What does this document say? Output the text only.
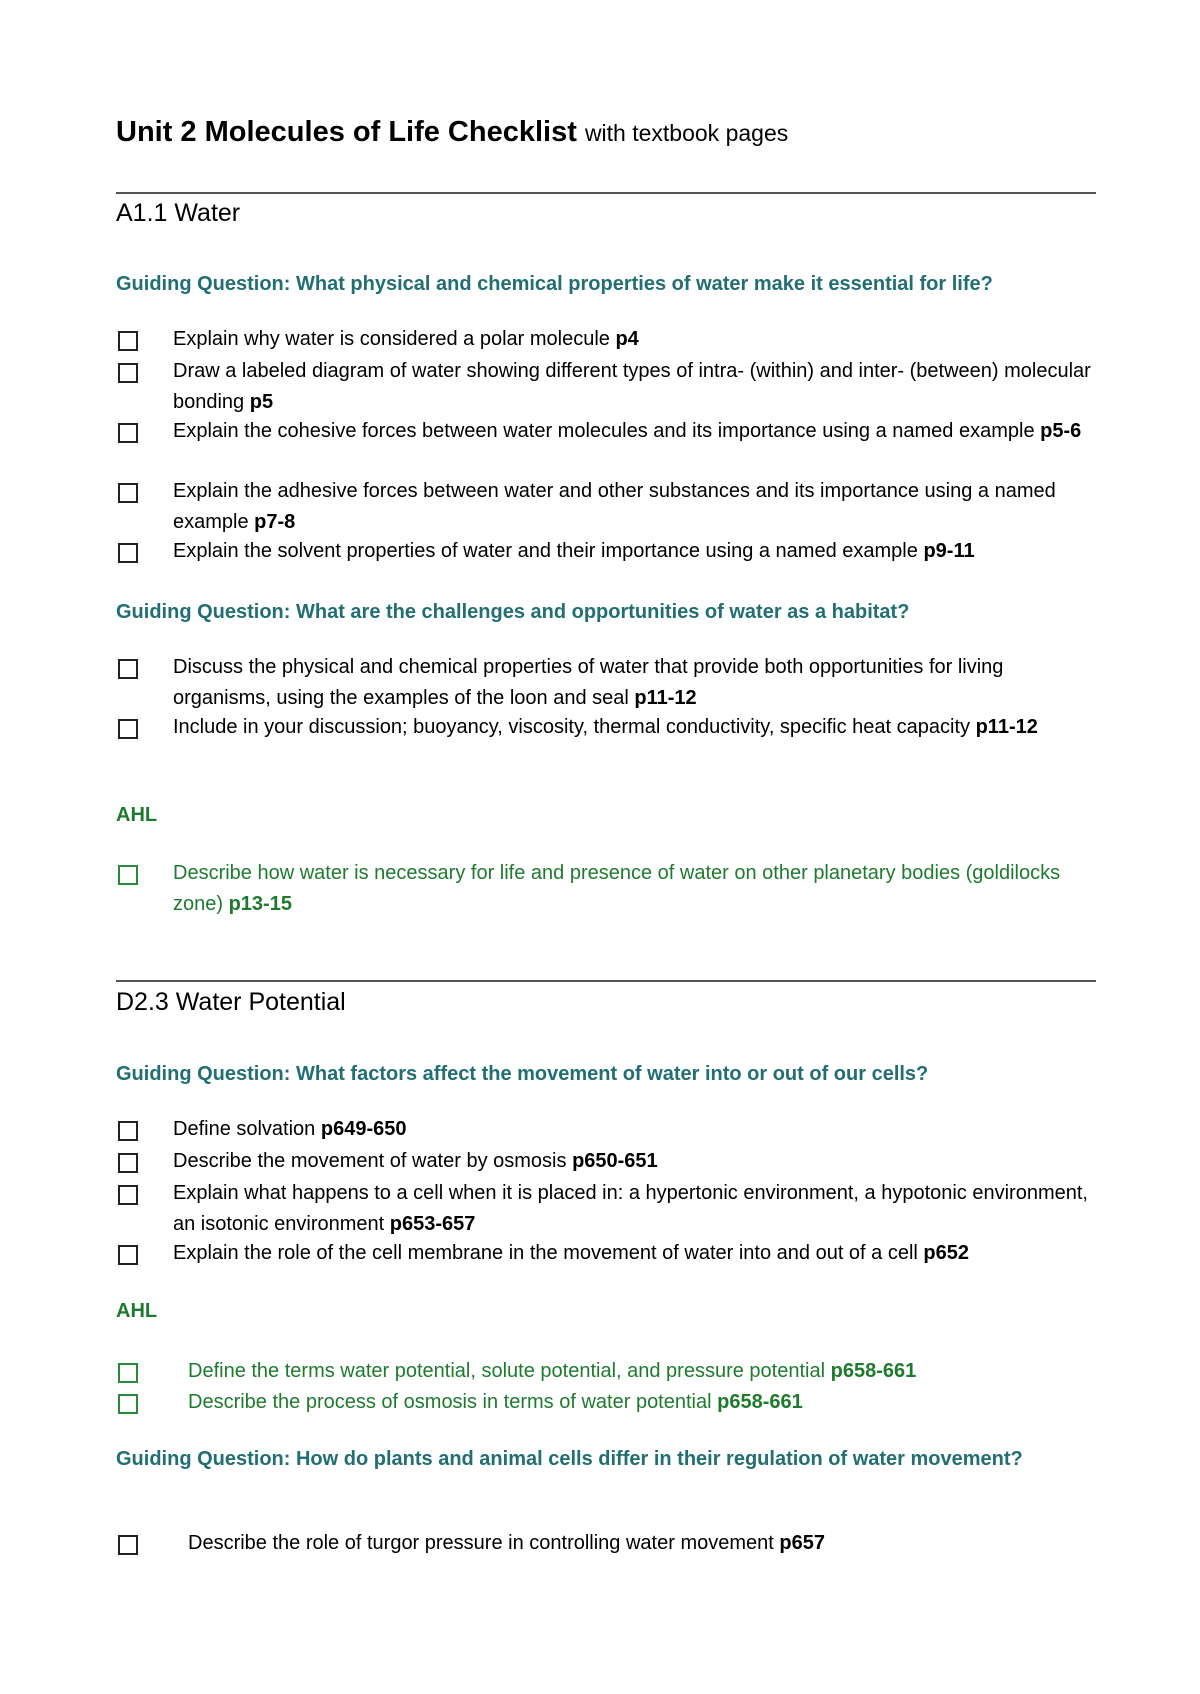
Unit 2 Molecules of Life Checklist with textbook pages
A1.1 Water
Guiding Question: What physical and chemical properties of water make it essential for life?
Explain why water is considered a polar molecule p4
Draw a labeled diagram of water showing different types of intra- (within) and inter- (between) molecular bonding p5
Explain the cohesive forces between water molecules and its importance using a named example p5-6
Explain the adhesive forces between water and other substances and its importance using a named example p7-8
Explain the solvent properties of water and their importance using a named example p9-11
Guiding Question: What are the challenges and opportunities of water as a habitat?
Discuss the physical and chemical properties of water that provide both opportunities for living organisms, using the examples of the loon and seal p11-12
Include in your discussion; buoyancy, viscosity, thermal conductivity, specific heat capacity p11-12
AHL
Describe how water is necessary for life and presence of water on other planetary bodies (goldilocks zone) p13-15
D2.3 Water Potential
Guiding Question: What factors affect the movement of water into or out of our cells?
Define solvation p649-650
Describe the movement of water by osmosis p650-651
Explain what happens to a cell when it is placed in: a hypertonic environment, a hypotonic environment, an isotonic environment p653-657
Explain the role of the cell membrane in the movement of water into and out of a cell p652
AHL
Define the terms water potential, solute potential, and pressure potential p658-661
Describe the process of osmosis in terms of water potential p658-661
Guiding Question: How do plants and animal cells differ in their regulation of water movement?
Describe the role of turgor pressure in controlling water movement p657
